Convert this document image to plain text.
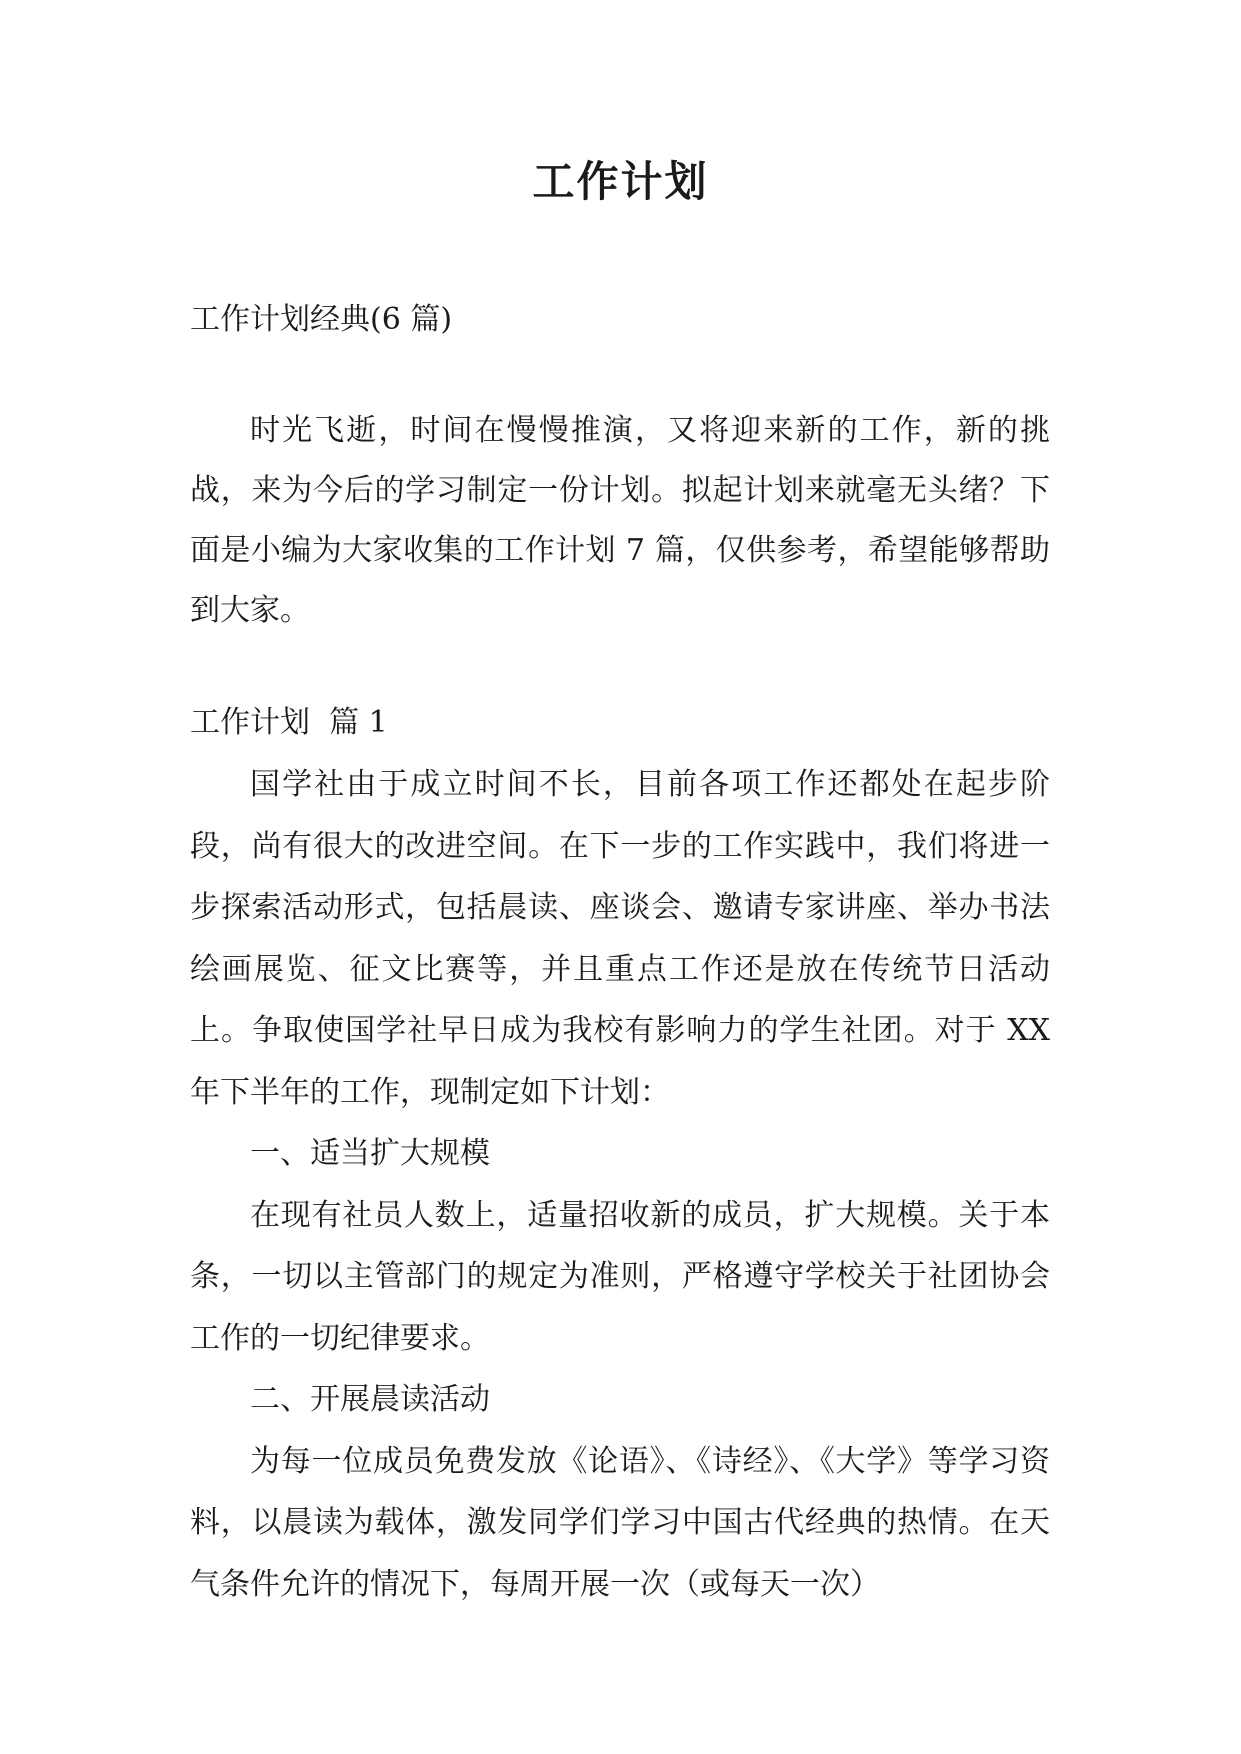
工作计划

工作计划经典(6 篇)

时光飞逝，时间在慢慢推演，又将迎来新的工作，新的挑战，来为今后的学习制定一份计划。拟起计划来就毫无头绪？下面是小编为大家收集的工作计划 7 篇，仅供参考，希望能够帮助到大家。

工作计划  篇 1

国学社由于成立时间不长，目前各项工作还都处在起步阶段，尚有很大的改进空间。在下一步的工作实践中，我们将进一步探索活动形式，包括晨读、座谈会、邀请专家讲座、举办书法绘画展览、征文比赛等，并且重点工作还是放在传统节日活动上。争取使国学社早日成为我校有影响力的学生社团。对于 XX 年下半年的工作，现制定如下计划：

一、适当扩大规模

在现有社员人数上，适量招收新的成员，扩大规模。关于本条，一切以主管部门的规定为准则，严格遵守学校关于社团协会工作的一切纪律要求。

二、开展晨读活动

为每一位成员免费发放《论语》、《诗经》、《大学》等学习资料，以晨读为载体，激发同学们学习中国古代经典的热情。在天气条件允许的情况下，每周开展一次（或每天一次）
